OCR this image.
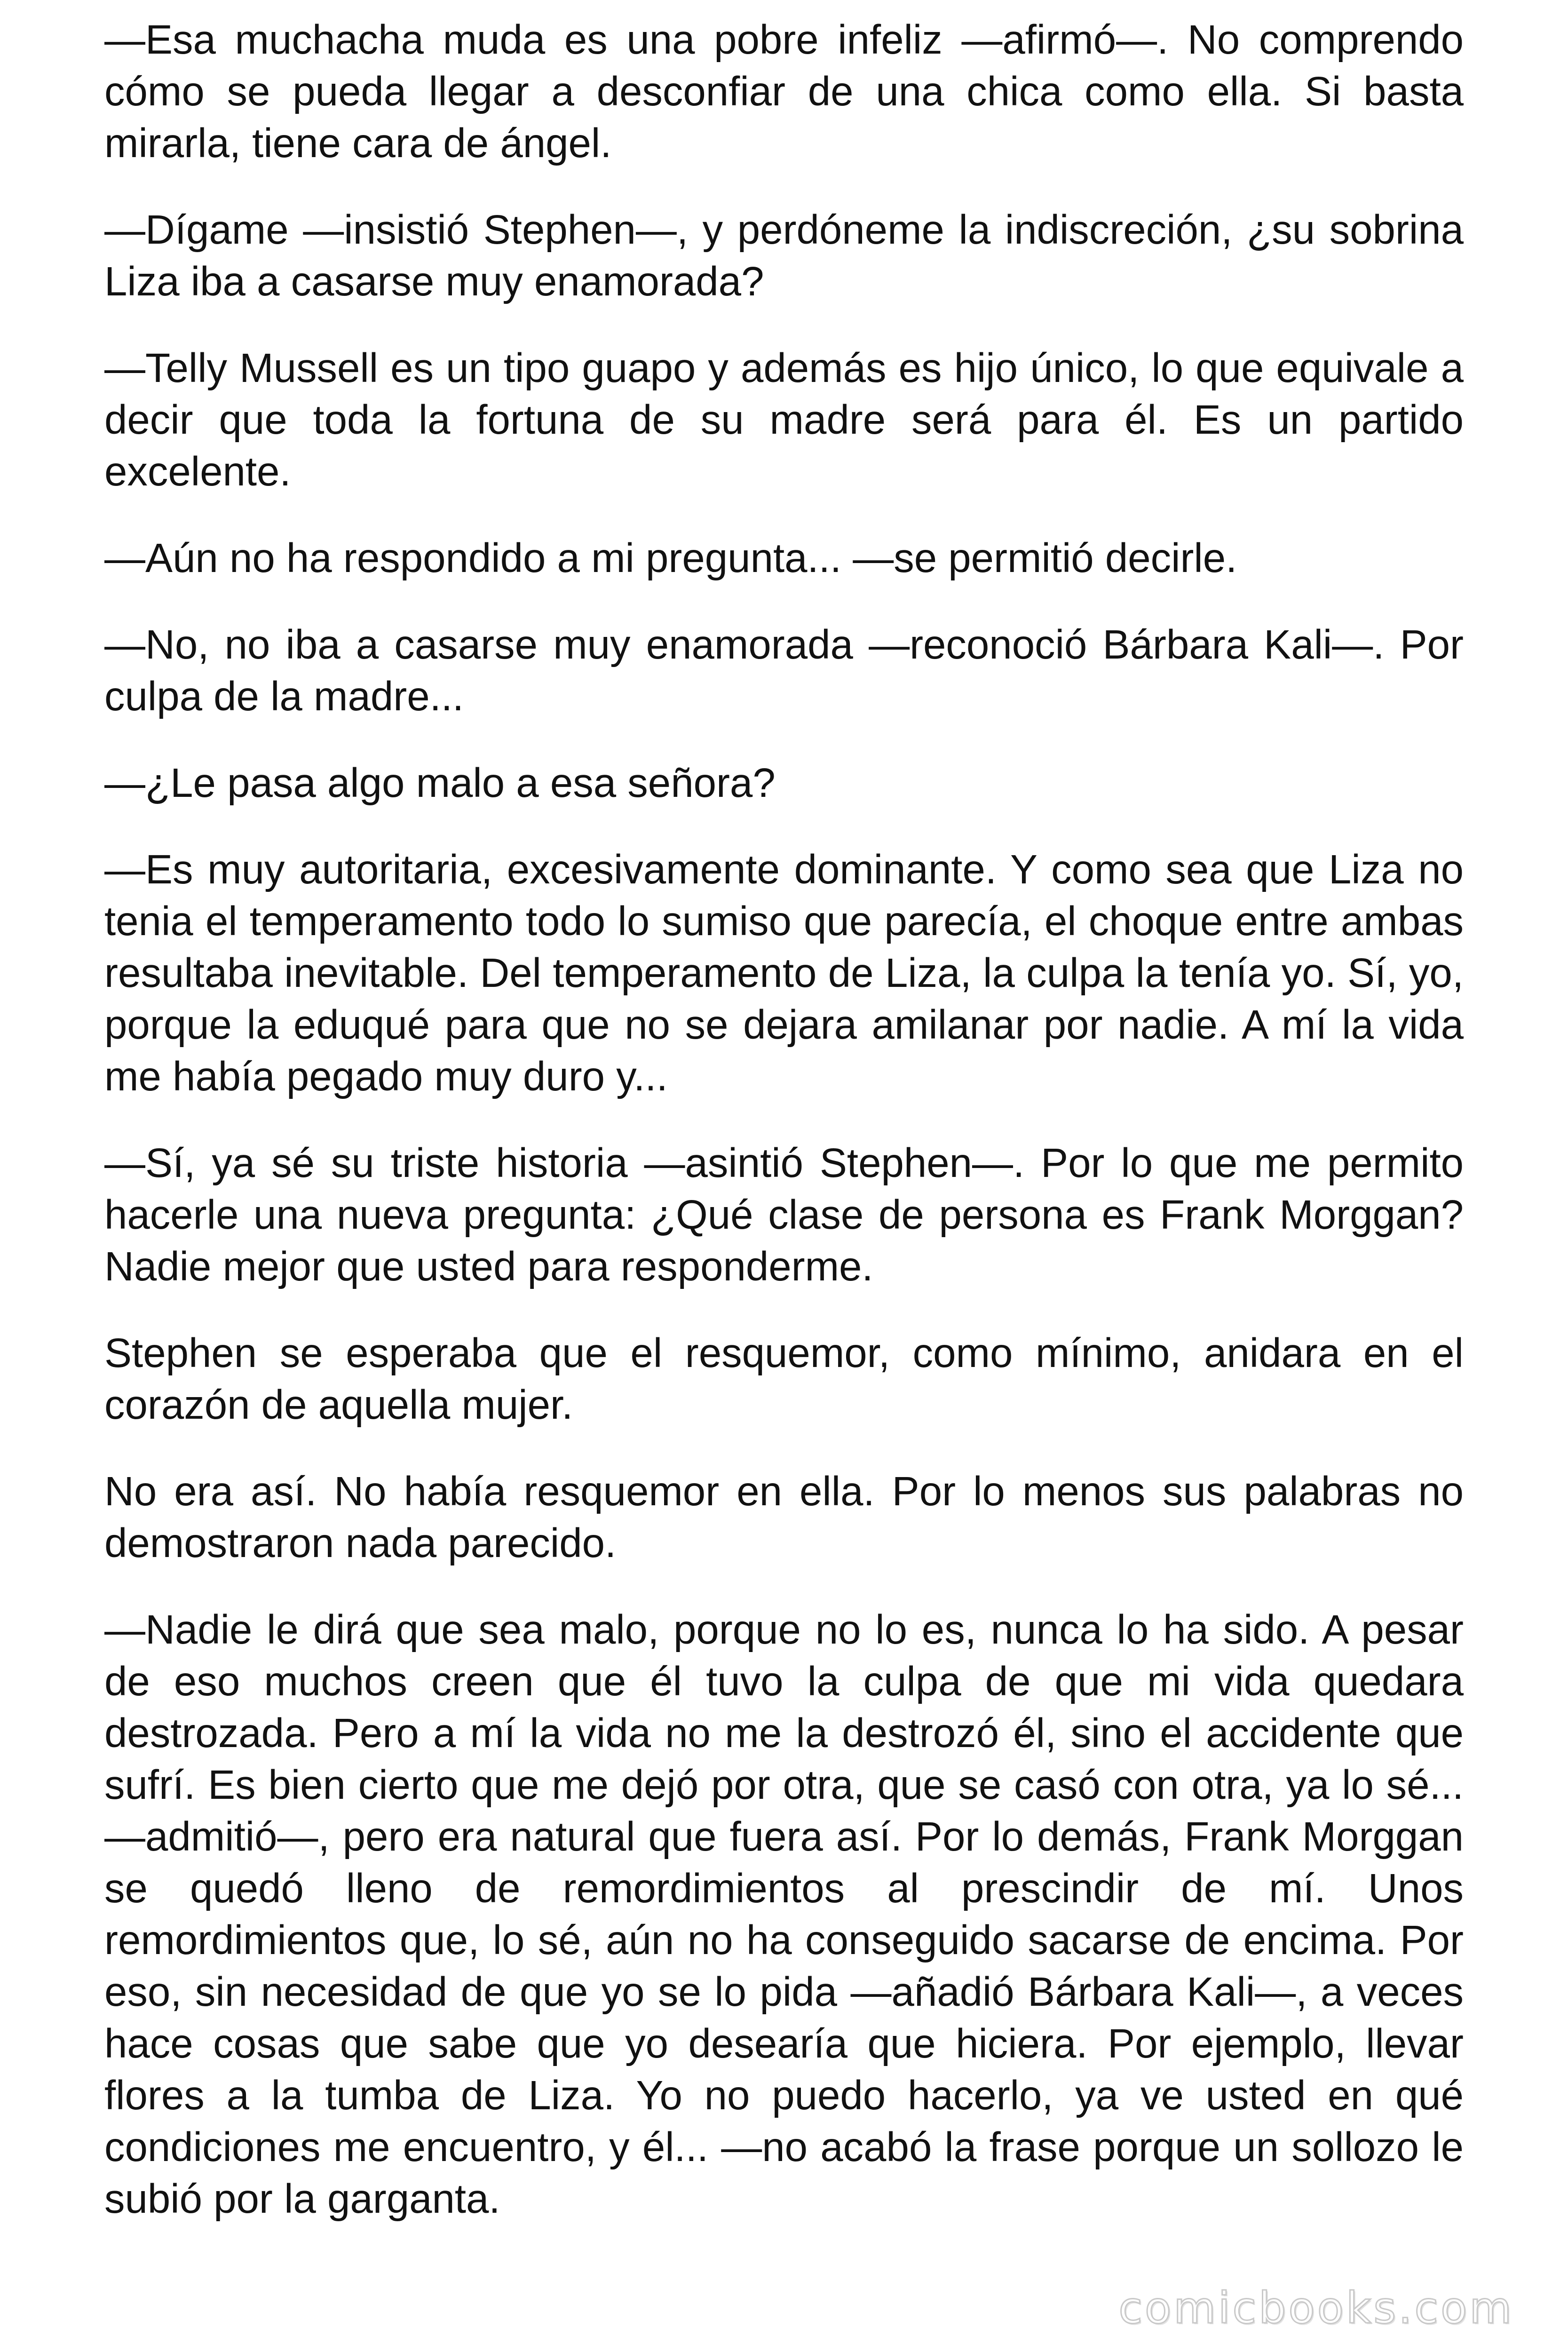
—Esa muchacha muda es una pobre infeliz —afirmó—. No comprendo cómo se pueda llegar a desconfiar de una chica como ella. Si basta mirarla, tiene cara de ángel.

—Dígame —insistió Stephen—, y perdóneme la indiscreción, ¿su sobrina Liza iba a casarse muy enamorada?

—Telly Mussell es un tipo guapo y además es hijo único, lo que equivale a decir que toda la fortuna de su madre será para él. Es un partido excelente.

—Aún no ha respondido a mi pregunta... —se permitió decirle.

—No, no iba a casarse muy enamorada —reconoció Bárbara Kali—. Por culpa de la madre...

—¿Le pasa algo malo a esa señora?

—Es muy autoritaria, excesivamente dominante. Y como sea que Liza no tenia el temperamento todo lo sumiso que parecía, el choque entre ambas resultaba inevitable. Del temperamento de Liza, la culpa la tenía yo. Sí, yo, porque la eduqué para que no se dejara amilanar por nadie. A mí la vida me había pegado muy duro y...

—Sí, ya sé su triste historia —asintió Stephen—. Por lo que me permito hacerle una nueva pregunta: ¿Qué clase de persona es Frank Morggan? Nadie mejor que usted para responderme.

Stephen se esperaba que el resquemor, como mínimo, anidara en el corazón de aquella mujer.

No era así. No había resquemor en ella. Por lo menos sus palabras no demostraron nada parecido.

—Nadie le dirá que sea malo, porque no lo es, nunca lo ha sido. A pesar de eso muchos creen que él tuvo la culpa de que mi vida quedara destrozada. Pero a mí la vida no me la destrozó él, sino el accidente que sufrí. Es bien cierto que me dejó por otra, que se casó con otra, ya lo sé... —admitió—, pero era natural que fuera así. Por lo demás, Frank Morggan se quedó lleno de remordimientos al prescindir de mí. Unos remordimientos que, lo sé, aún no ha conseguido sacarse de encima. Por eso, sin necesidad de que yo se lo pida —añadió Bárbara Kali—, a veces hace cosas que sabe que yo desearía que hiciera. Por ejemplo, llevar flores a la tumba de Liza. Yo no puedo hacerlo, ya ve usted en qué condiciones me encuentro, y él... —no acabó la frase porque un sollozo le subió por la garganta.

comicbooks.com
